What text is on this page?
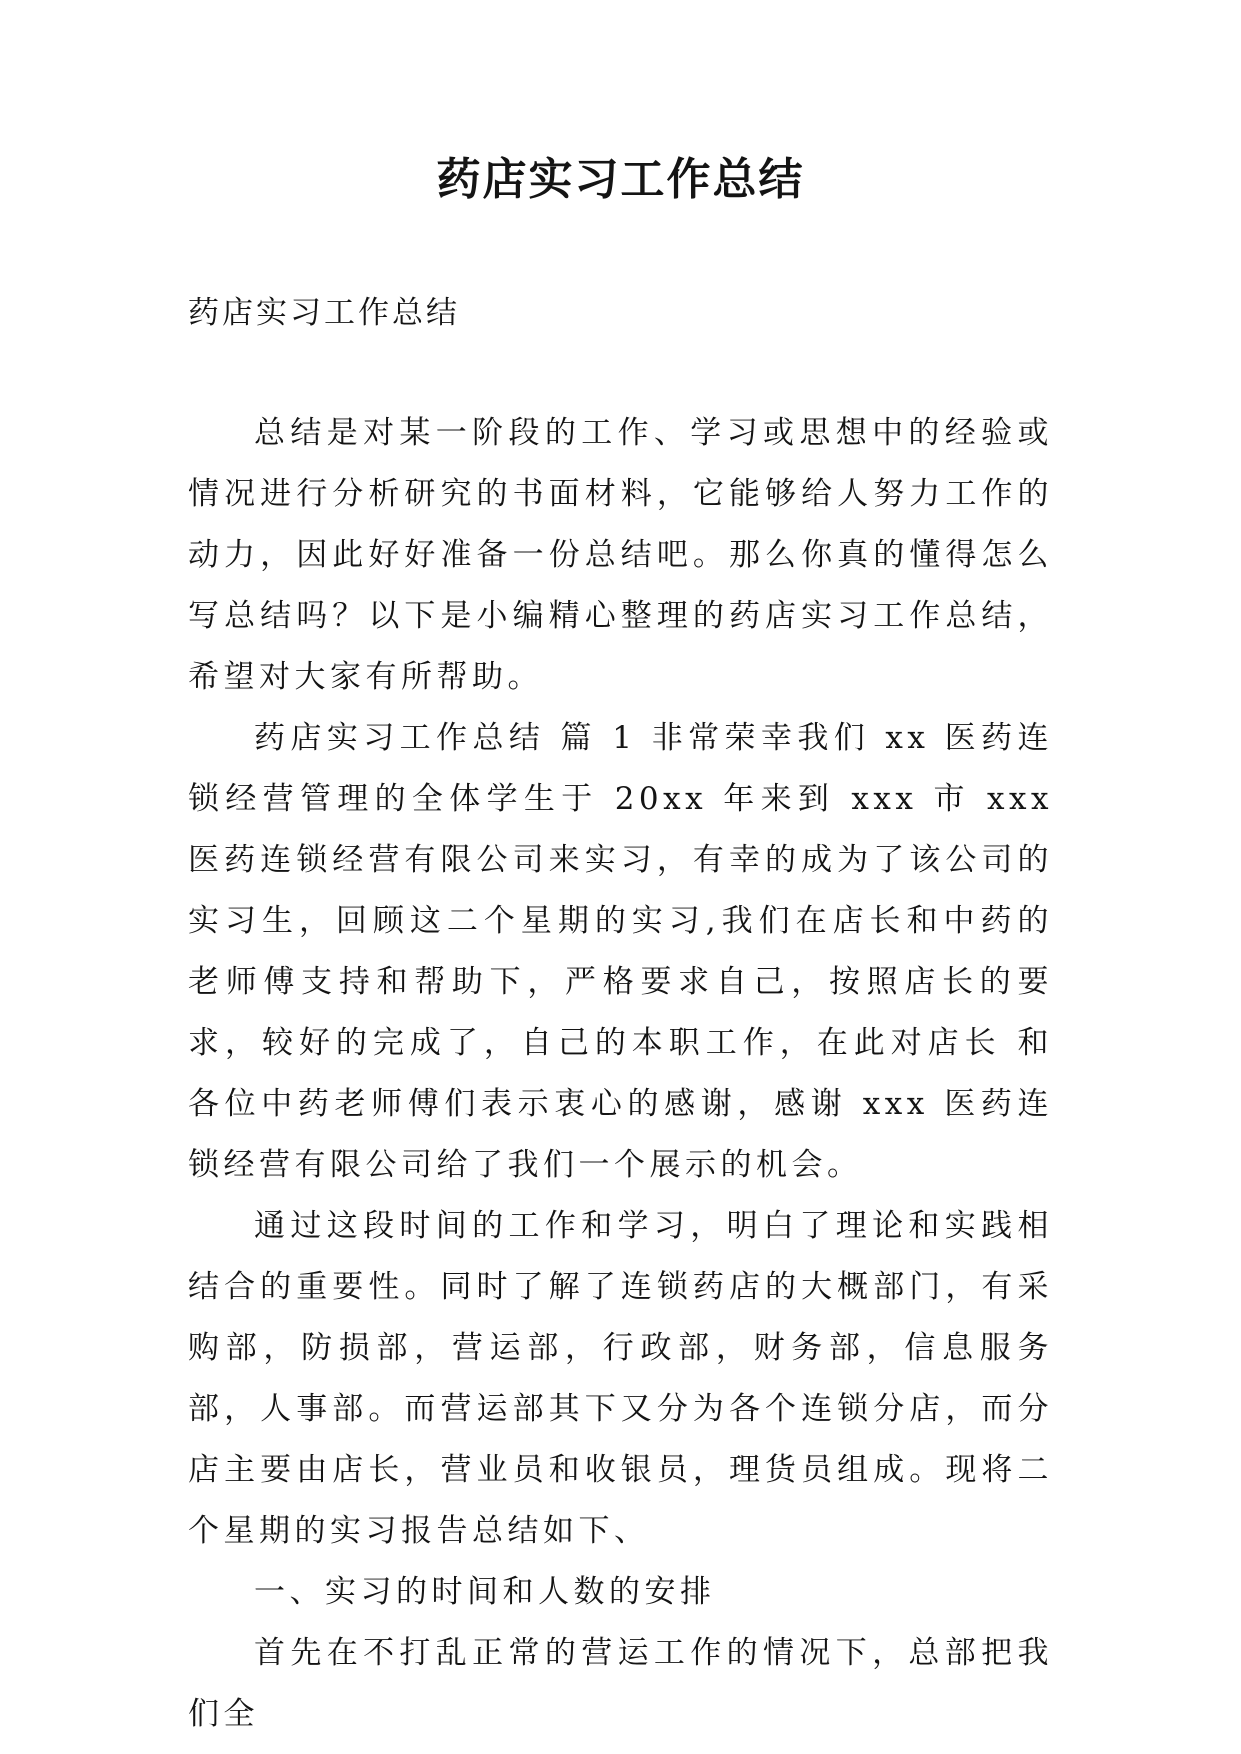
药店实习工作总结
药店实习工作总结

总结是对某一阶段的工作、学习或思想中的经验或情况进行分析研究的书面材料，它能够给人努力工作的动力，因此好好准备一份总结吧。那么你真的懂得怎么写总结吗？以下是小编精心整理的药店实习工作总结，希望对大家有所帮助。

药店实习工作总结 篇 1 非常荣幸我们 xx 医药连锁经营管理的全体学生于 20xx 年来到 xxx 市 xxx 医药连锁经营有限公司来实习，有幸的成为了该公司的实习生，回顾这二个星期的实习,我们在店长和中药的老师傅支持和帮助下，严格要求自己，按照店长的要求，较好的完成了，自己的本职工作，在此对店长 和各位中药老师傅们表示衷心的感谢，感谢 xxx 医药连锁经营有限公司给了我们一个展示的机会。

通过这段时间的工作和学习，明白了理论和实践相结合的重要性。同时了解了连锁药店的大概部门，有采购部，防损部，营运部，行政部，财务部，信息服务部，人事部。而营运部其下又分为各个连锁分店，而分店主要由店长，营业员和收银员，理货员组成。现将二个星期的实习报告总结如下、

一、实习的时间和人数的安排

首先在不打乱正常的营运工作的情况下，总部把我们全
